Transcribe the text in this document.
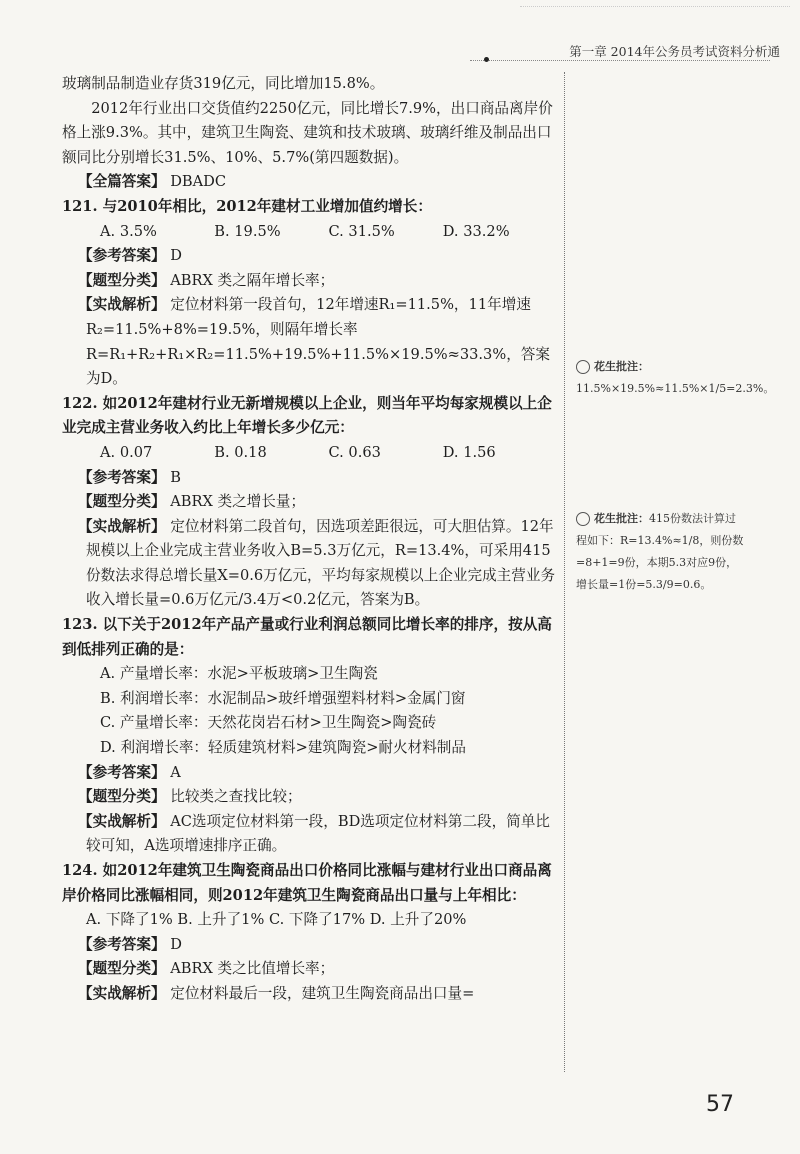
第一章 2014年公务员考试资料分析通

玻璃制品制造业存货319亿元，同比增加15.8%。

2012年行业出口交货值约2250亿元，同比增长7.9%，出口商品离岸价格上涨9.3%。其中，建筑卫生陶瓷、建筑和技术玻璃、玻璃纤维及制品出口额同比分别增长31.5%、10%、5.7%(第四题数据)。

【全篇答案】 DBADC

121. 与2010年相比，2012年建材工业增加值约增长：

A. 3.5%	B. 19.5%	C. 31.5%	D. 33.2%

【参考答案】 D

【题型分类】 ABRX 类之隔年增长率；

【实战解析】 定位材料第一段首句，12年增速R₁=11.5%，11年增速R₂=11.5%+8%=19.5%，则隔年增长率R=R₁+R₂+R₁×R₂=11.5%+19.5%+11.5%×19.5%≈33.3%，答案为D。

122. 如2012年建材行业无新增规模以上企业，则当年平均每家规模以上企业完成主营业务收入约比上年增长多少亿元：

A. 0.07	B. 0.18	C. 0.63	D. 1.56

【参考答案】 B

【题型分类】 ABRX 类之增长量；

【实战解析】 定位材料第二段首句，因选项差距很远，可大胆估算。12年规模以上企业完成主营业务收入B=5.3万亿元，R=13.4%，可采用415份数法求得总增长量X=0.6万亿元，平均每家规模以上企业完成主营业务收入增长量=0.6万亿元/3.4万<0.2亿元，答案为B。

123. 以下关于2012年产品产量或行业利润总额同比增长率的排序，按从高到低排列正确的是：

A. 产量增长率：水泥>平板玻璃>卫生陶瓷

B. 利润增长率：水泥制品>玻纤增强塑料材料>金属门窗

C. 产量增长率：天然花岗岩石材>卫生陶瓷>陶瓷砖

D. 利润增长率：轻质建筑材料>建筑陶瓷>耐火材料制品

【参考答案】 A

【题型分类】 比较类之查找比较；

【实战解析】 AC选项定位材料第一段，BD选项定位材料第二段，简单比较可知，A选项增速排序正确。

124. 如2012年建筑卫生陶瓷商品出口价格同比涨幅与建材行业出口商品离岸价格同比涨幅相同，则2012年建筑卫生陶瓷商品出口量与上年相比：

A. 下降了1% B. 上升了1% C. 下降了17% D. 上升了20%

【参考答案】 D

【题型分类】 ABRX 类之比值增长率；

【实战解析】 定位材料最后一段，建筑卫生陶瓷商品出口量=

花生批注：11.5%×19.5%≈11.5%×1/5=2.3%。
花生批注：415份数法计算过程如下：R=13.4%≈1/8，则份数=8+1=9份，本期5.3对应9份，增长量=1份=5.3/9=0.6。
57
